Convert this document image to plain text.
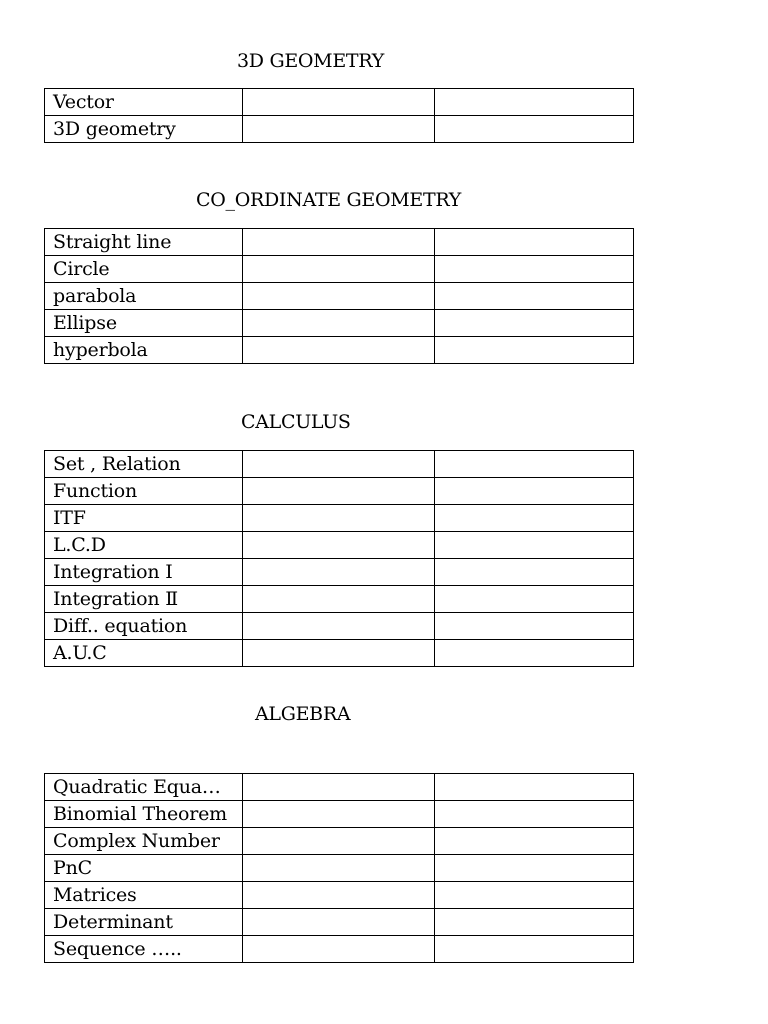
3D GEOMETRY
Vector		
3D geometry		
CO_ORDINATE GEOMETRY
Straight line		
Circle		
parabola		
Ellipse		
hyperbola		
CALCULUS
Set , Relation		
Function		
ITF		
L.C.D		
Integration Ⅰ		
Integration Ⅱ		
Diff.. equation		
A.U.C		
ALGEBRA
Quadratic Equa…		
Binomial Theorem		
Complex Number		
PnC		
Matrices		
Determinant		
Sequence …..		
